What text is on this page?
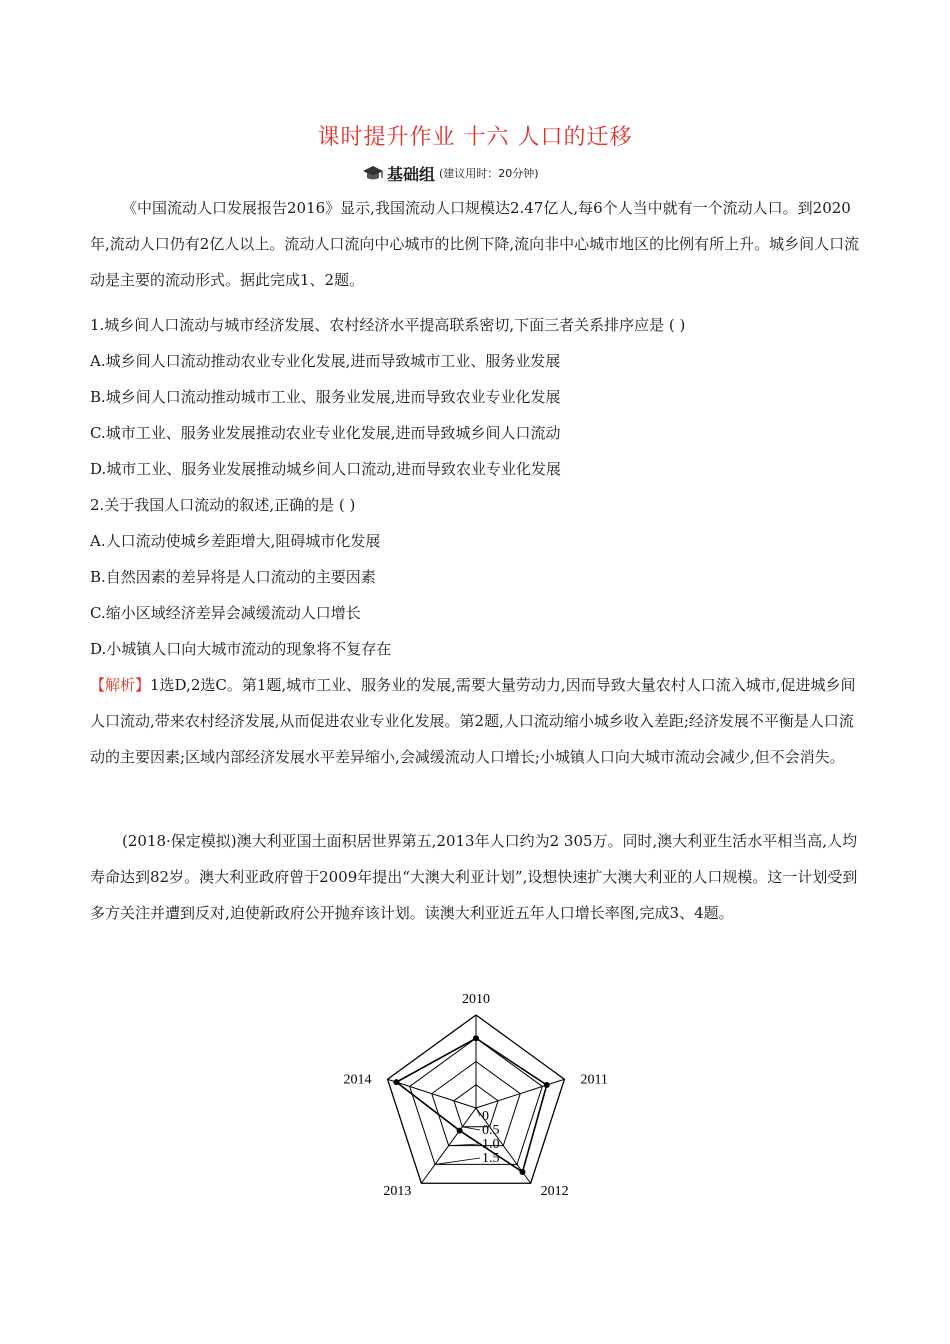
课时提升作业 十六 人口的迁移
基础组 (建议用时：20分钟)

《中国流动人口发展报告2016》显示,我国流动人口规模达2.47亿人,每6个人当中就有一个流动人口。到2020年,流动人口仍有2亿人以上。流动人口流向中心城市的比例下降,流向非中心城市地区的比例有所上升。城乡间人口流动是主要的流动形式。据此完成1、2题。

1.城乡间人口流动与城市经济发展、农村经济水平提高联系密切,下面三者关系排序应是 ( )

A.城乡间人口流动推动农业专业化发展,进而导致城市工业、服务业发展

B.城乡间人口流动推动城市工业、服务业发展,进而导致农业专业化发展

C.城市工业、服务业发展推动农业专业化发展,进而导致城乡间人口流动

D.城市工业、服务业发展推动城乡间人口流动,进而导致农业专业化发展

2.关于我国人口流动的叙述,正确的是 ( )

A.人口流动使城乡差距增大,阻碍城市化发展

B.自然因素的差异将是人口流动的主要因素

C.缩小区域经济差异会减缓流动人口增长

D.小城镇人口向大城市流动的现象将不复存在

【解析】1选D,2选C。第1题,城市工业、服务业的发展,需要大量劳动力,因而导致大量农村人口流入城市,促进城乡间人口流动,带来农村经济发展,从而促进农业专业化发展。第2题,人口流动缩小城乡收入差距;经济发展不平衡是人口流动的主要因素;区域内部经济发展水平差异缩小,会减缓流动人口增长;小城镇人口向大城市流动会减少,但不会消失。

(2018·保定模拟)澳大利亚国土面积居世界第五,2013年人口约为2 305万。同时,澳大利亚生活水平相当高,人均寿命达到82岁。澳大利亚政府曾于2009年提出“大澳大利亚计划”,设想快速扩大澳大利亚的人口规模。这一计划受到多方关注并遭到反对,迫使新政府公开抛弃该计划。读澳大利亚近五年人口增长率图,完成3、4题。

2010
2011
2012
2013
2014
0
0.5
1.0
1.5
